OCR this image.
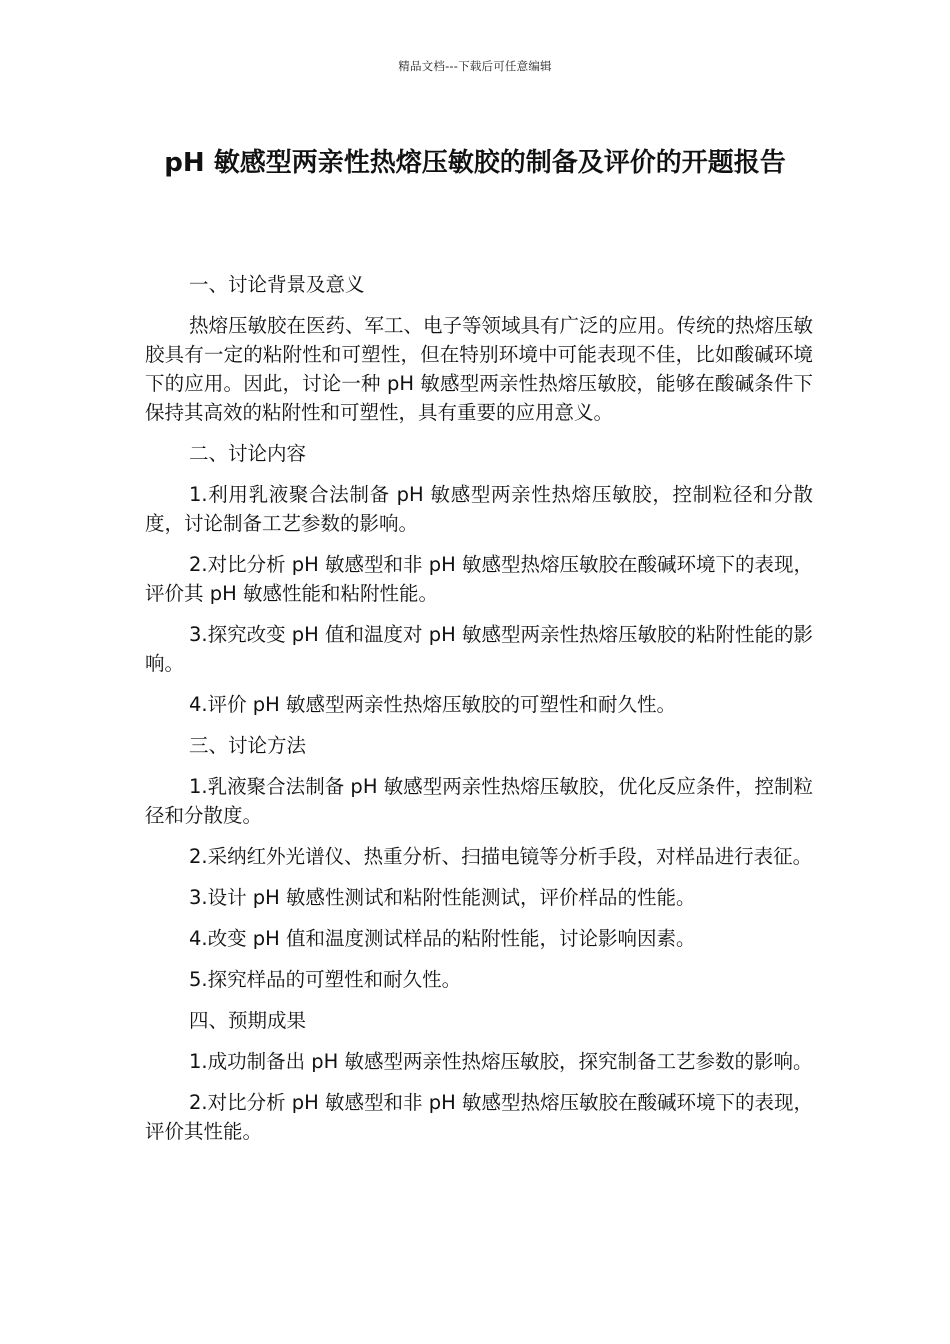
精品文档---下载后可任意编辑
pH 敏感型两亲性热熔压敏胶的制备及评价的开题报告

一、讨论背景及意义

热熔压敏胶在医药、军工、电子等领域具有广泛的应用。传统的热熔压敏胶具有一定的粘附性和可塑性，但在特别环境中可能表现不佳，比如酸碱环境下的应用。因此，讨论一种 pH 敏感型两亲性热熔压敏胶，能够在酸碱条件下保持其高效的粘附性和可塑性，具有重要的应用意义。

二、讨论内容

1.利用乳液聚合法制备 pH 敏感型两亲性热熔压敏胶，控制粒径和分散度，讨论制备工艺参数的影响。

2.对比分析 pH 敏感型和非 pH 敏感型热熔压敏胶在酸碱环境下的表现，评价其 pH 敏感性能和粘附性能。

3.探究改变 pH 值和温度对 pH 敏感型两亲性热熔压敏胶的粘附性能的影响。

4.评价 pH 敏感型两亲性热熔压敏胶的可塑性和耐久性。

三、讨论方法

1.乳液聚合法制备 pH 敏感型两亲性热熔压敏胶，优化反应条件，控制粒径和分散度。

2.采纳红外光谱仪、热重分析、扫描电镜等分析手段，对样品进行表征。

3.设计 pH 敏感性测试和粘附性能测试，评价样品的性能。

4.改变 pH 值和温度测试样品的粘附性能，讨论影响因素。

5.探究样品的可塑性和耐久性。

四、预期成果

1.成功制备出 pH 敏感型两亲性热熔压敏胶，探究制备工艺参数的影响。

2.对比分析 pH 敏感型和非 pH 敏感型热熔压敏胶在酸碱环境下的表现，评价其性能。
